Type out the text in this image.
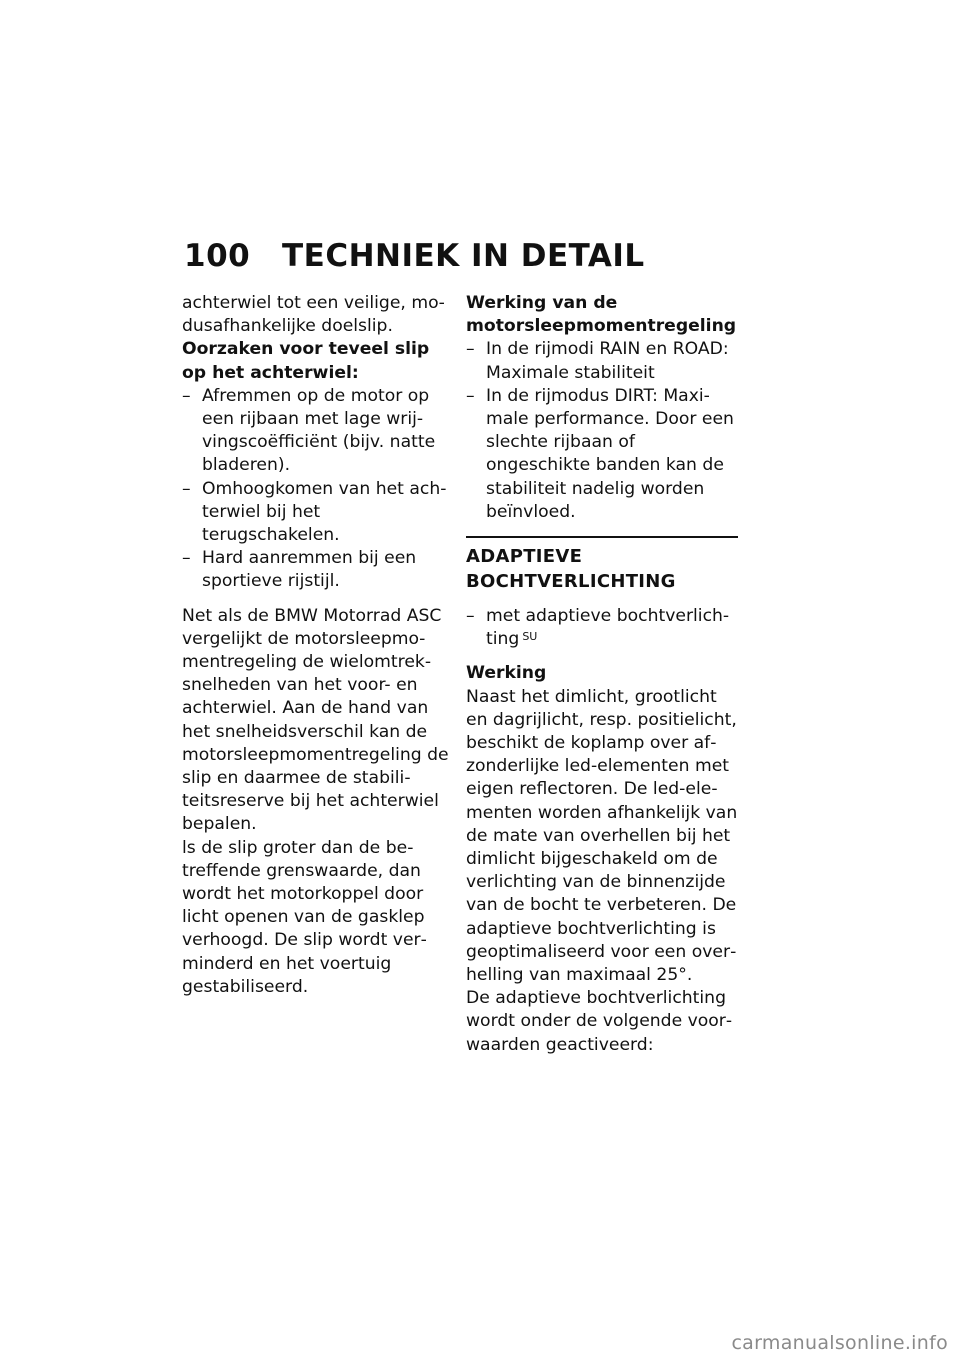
100 TECHNIEK IN DETAIL

achterwiel tot een veilige, modusafhankelijke doelslip.

Oorzaken voor teveel slip op het achterwiel:

– Afremmen op de motor op een rijbaan met lage wrijvingscoëfficiënt (bijv. natte bladeren).
– Omhoogkomen van het achterwiel bij het terugschakelen.
– Hard aanremmen bij een sportieve rijstijl.

Net als de BMW Motorrad ASC vergelijkt de motorsleepmomentregeling de wielomtreksnelheden van het voor- en achterwiel. Aan de hand van het snelheidsverschil kan de motorsleepmomentregeling de slip en daarmee de stabiliteitsreserve bij het achterwiel bepalen.

ls de slip groter dan de betreffende grenswaarde, dan wordt het motorkoppel door licht openen van de gasklep verhoogd. De slip wordt verminderd en het voertuig gestabiliseerd.

Werking van de motorsleepmomentregeling

– In de rijmodi RAIN en ROAD: Maximale stabiliteit
– In de rijmodus DIRT: Maximale performance. Door een slechte rijbaan of ongeschikte banden kan de stabiliteit nadelig worden beïnvloed.
ADAPTIEVE BOCHTVERLICHTING
– met adaptieve bochtverlichting $^{SU}$

Werking

Naast het dimlicht, grootlicht en dagrijlicht, resp. positielicht, beschikt de koplamp over afzonderlijke led-elementen met eigen reflectoren. De led-elementen worden afhankelijk van de mate van overhellen bij het dimlicht bijgeschakeld om de verlichting van de binnenzijde van de bocht te verbeteren. De adaptieve bochtverlichting is geoptimaliseerd voor een overhelling van maximaal 25°.

De adaptieve bochtverlichting wordt onder de volgende voorwaarden geactiveerd:

carmanualsonline.info
